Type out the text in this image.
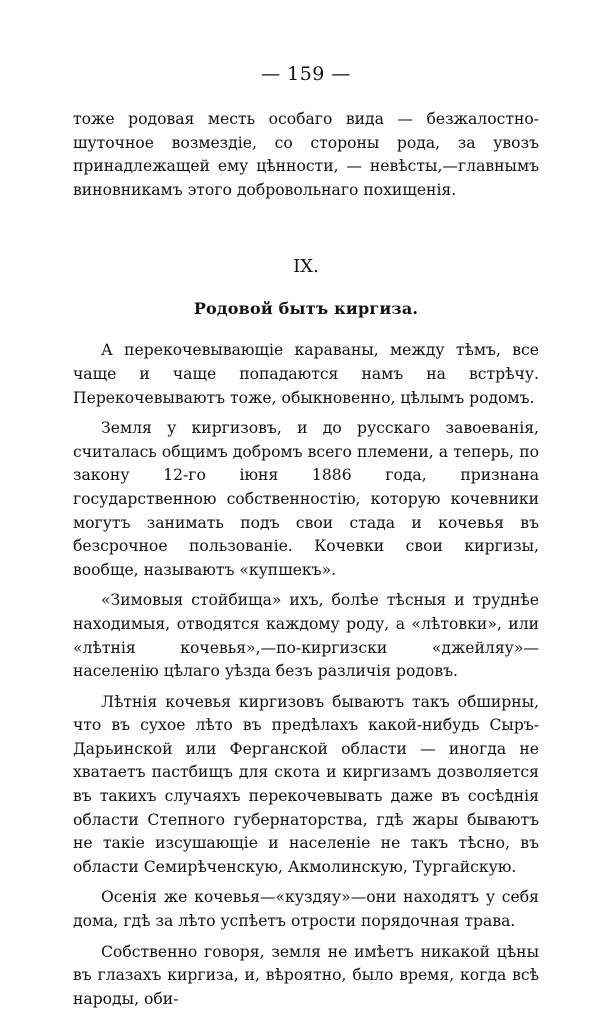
— 159 —

тоже родовая месть особаго вида — безжалостно-шуточное возмездіе, со стороны рода, за увозъ принадлежащей ему цѣнности, — невѣсты,—главнымъ виновникамъ этого добровольнаго похищенія.

IX.
Родовой бытъ киргиза.

А перекочевывающіе караваны, между тѣмъ, все чаще и чаще попадаются намъ на встрѣчу. Перекочевываютъ тоже, обыкновенно, цѣлымъ родомъ.

Земля у киргизовъ, и до русскаго завоеванія, считалась общимъ добромъ всего племени, а теперь, по закону 12-го іюня 1886 года, признана государственною собственностію, которую кочевники могутъ занимать подъ свои стада и кочевья въ безсрочное пользованіе. Кочевки свои киргизы, вообще, называютъ «купшекъ».

«Зимовыя стойбища» ихъ, болѣе тѣсныя и труднѣе находимыя, отводятся каждому роду, а «лѣтовки», или «лѣтнія кочевья»,—по-киргизски «джейляу»—населенію цѣлаго уѣзда безъ различія родовъ.

Лѣтнія кочевья киргизовъ бываютъ такъ обширны, что въ сухое лѣто въ предѣлахъ какой-нибудь Сыръ-Дарьинской или Ферганской области — иногда не хватаетъ пастбищъ для скота и киргизамъ дозволяется въ такихъ случаяхъ перекочевывать даже въ сосѣднія области Степного губернаторства, гдѣ жары бываютъ не такіе изсушающіе и населеніе не такъ тѣсно, въ области Семирѣченскую, Акмолинскую, Тургайскую.

Осенія же кочевья—«куздяу»—они находятъ у себя дома, гдѣ за лѣто успѣетъ отрости порядочная трава.

Собственно говоря, земля не имѣетъ никакой цѣны въ глазахъ киргиза, и, вѣроятно, было время, когда всѣ народы, оби-
